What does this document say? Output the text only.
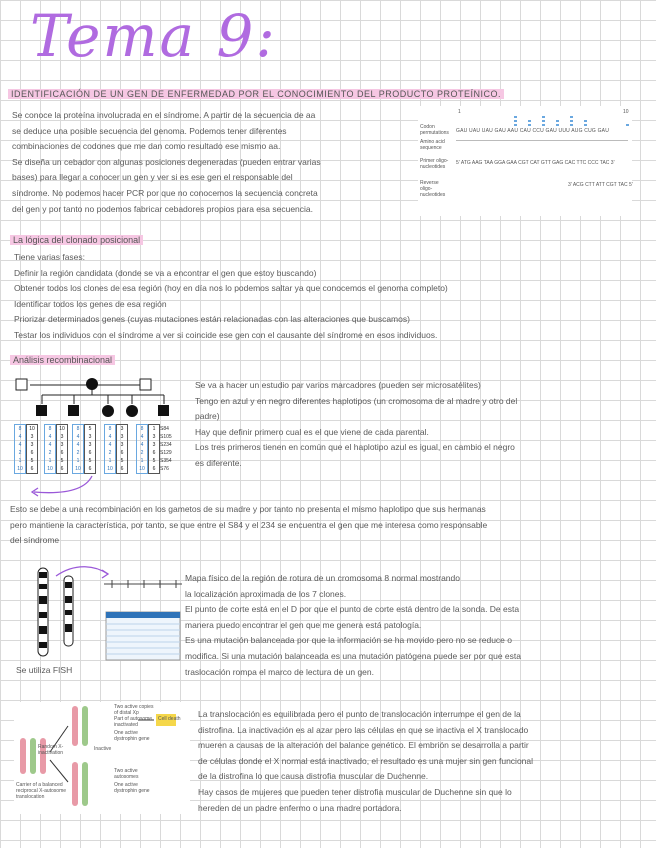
Tema 9:
IDENTIFICACIÓN DE UN GEN DE ENFERMEDAD POR EL CONOCIMIENTO DEL PRODUCTO PROTEÍNICO.

Se conoce la proteína involucrada en el síndrome. A partir de la secuencia de aa

se deduce una posible secuencia del genoma. Podemos tener diferentes

combinaciones de codones que me dan como resultado ese mismo aa.

Se diseña un cebador con algunas posiciones degeneradas (pueden entrar varias

bases) para llegar a conocer un gen y ver si es ese gen el responsable del

síndrome. No podemos hacer PCR por que no conocemos la secuencia concreta

del gen y por tanto no podemos fabricar cebadores propios para esa secuencia.

Codon permutations
Amino acid sequence
Primer oligo-nucleotides
Reverse oligo-nucleotides
1	10
GAU UAU UAU GAU AAU CAU CCU GAU UUU AUG CUG GAU
5' ATG AAG TAA GGA GAA CGT CAT GTT GAG CAC TTC CCC TAC 3'
3' ACG CTT ATT CGT TAC 5'
La lógica del clonado posicional

Tiene varias fases:

Definir la región candidata (donde se va a encontrar el gen que estoy buscando)

Obtener todos los clones de esa región (hoy en día nos lo podemos saltar ya que conocemos el genoma completo)

Identificar todos los genes de esa región

Priorizar determinados genes (cuyas mutaciones están relacionadas con las alteraciones que buscamos)

Testar los individuos con el síndrome a ver si coincide ese gen con el causante del síndrome en esos individuos.

Análisis recombinacional
8
4
4
2
1
10
10
3
3
6
5
6
8
4
4
2
1
10
10
3
3
6
5
6
8
4
4
2
1
10
5
3
3
6
5
6
8
4
4
2
1
10
3
3
3
6
5
6
8
4
4
2
1
10
1
3
3
6
5
6
S84
S105
S234
S129
S354
S76

Se va a hacer un estudio par varios marcadores (pueden ser microsatélites)

Tengo en azul y en negro diferentes haplotipos (un cromosoma de al madre y otro del

padre)

Hay que definir primero cual es el que viene de cada parental.

Los tres primeros tienen en común que el haplotipo azul es igual, en cambio el negro

es diferente.

Esto se debe a una recombinación en los gametos de su madre y por tanto no presenta el mismo haplotipo que sus hermanas

pero mantiene la característica, por tanto, se que entre el S84 y el 234 se encuentra el gen que me interesa como responsable

del síndrome

Se utiliza FISH

Mapa físico de la región de rotura de un cromosoma 8 normal mostrando

la localización aproximada de los 7 clones.

El punto de corte está en el D por que el punto de corte está dentro de la sonda. De esta

manera puedo encontrar el gen que me genera está patología.

Es una mutación balanceada por que la información se ha movido pero no se reduce o

modifica. Si una mutación balanceada es una mutación patógena puede ser por que esta

traslocación rompa el marco de lectura de un gen.

Two active copies of distal Xp
Part of autosome inactivated
One active dystrophin gene
Cell death
Inactive
Two active autosomes
One active dystrophin gene
Random X-inactivation
Carrier of a balanced reciprocal X-autosome translocation

La translocación es equilibrada pero el punto de translocación interrumpe el gen de la

distrofina. La inactivación es al azar pero las células en que se inactiva el X translocado

mueren a causas de la alteración del balance genético. El embrión se desarrolla a partir

de células donde el X normal está inactivado, el resultado es una mujer sin gen funcional

de la distrofina lo que causa distrofia muscular de Duchenne.

Hay casos de mujeres que pueden tener distrofia muscular de Duchenne sin que lo

hereden de un padre enfermo o una madre portadora.
